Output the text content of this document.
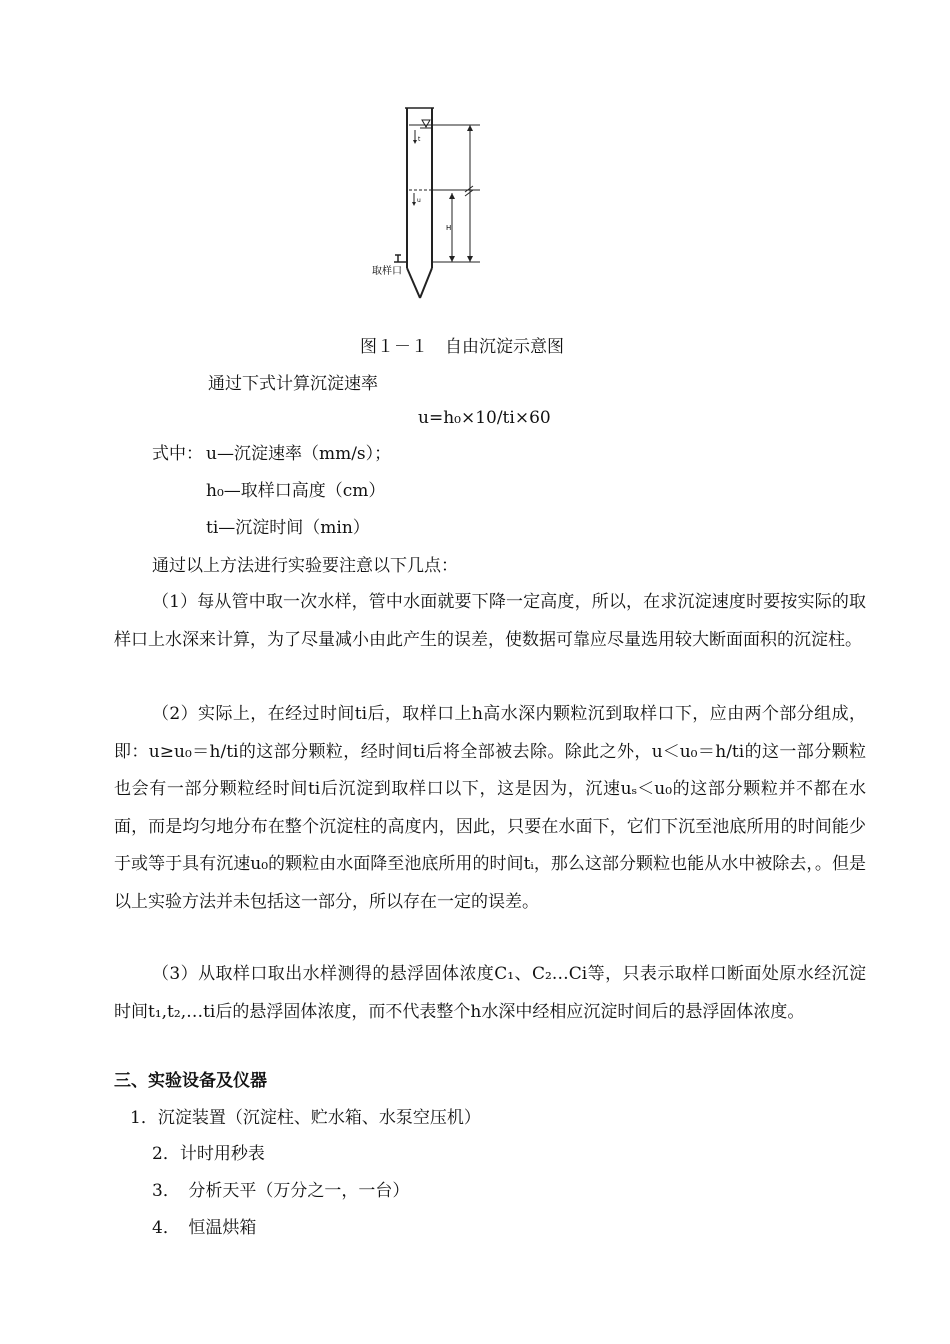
t
u
H
取样口
图１－１　自由沉淀示意图
通过下式计算沉淀速率
u=h₀×10/ti×60
式中： u—沉淀速率（mm/s）；
h₀—取样口高度（cm）
ti—沉淀时间（min）
通过以上方法进行实验要注意以下几点：
（1）每从管中取一次水样，管中水面就要下降一定高度，所以，在求沉淀速度时要按实际的取样口上水深来计算，为了尽量减小由此产生的误差，使数据可靠应尽量选用较大断面面积的沉淀柱。
（2）实际上，在经过时间ti后，取样口上h高水深内颗粒沉到取样口下，应由两个部分组成，即：u≥u₀＝h/ti的这部分颗粒，经时间ti后将全部被去除。除此之外，u＜u₀＝h/ti的这一部分颗粒也会有一部分颗粒经时间ti后沉淀到取样口以下，这是因为，沉速uₛ＜u₀的这部分颗粒并不都在水面，而是均匀地分布在整个沉淀柱的高度内，因此，只要在水面下，它们下沉至池底所用的时间能少于或等于具有沉速u₀的颗粒由水面降至池底所用的时间tᵢ，那么这部分颗粒也能从水中被除去，。但是以上实验方法并未包括这一部分，所以存在一定的误差。
（3）从取样口取出水样测得的悬浮固体浓度C₁、C₂…Ci等，只表示取样口断面处原水经沉淀时间t₁,t₂,…ti后的悬浮固体浓度，而不代表整个h水深中经相应沉淀时间后的悬浮固体浓度。
三、实验设备及仪器
1．沉淀装置（沉淀柱、贮水箱、水泵空压机）
2．计时用秒表
3．　分析天平（万分之一，一台）
4．　恒温烘箱
